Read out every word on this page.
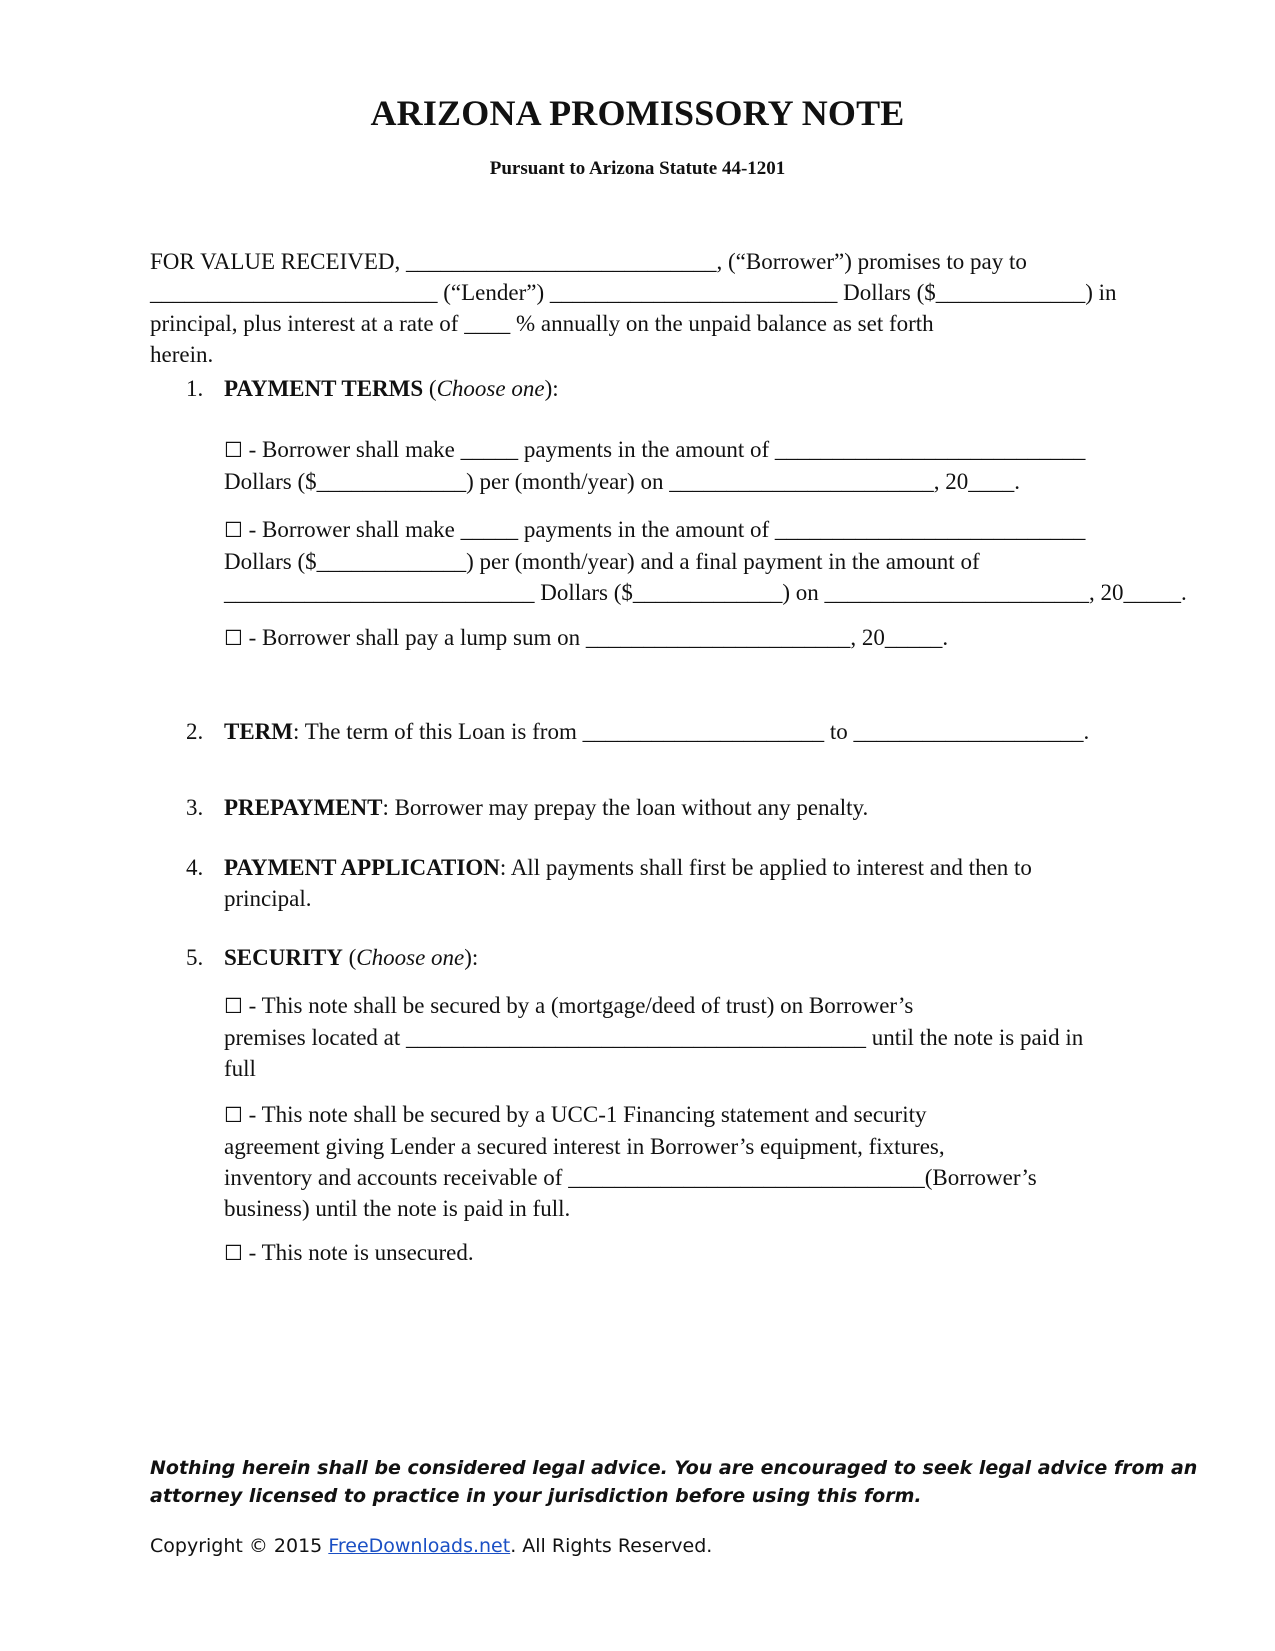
ARIZONA PROMISSORY NOTE
Pursuant to Arizona Statute 44-1201
FOR VALUE RECEIVED, ___________________________, (“Borrower”) promises to pay to
_________________________ (“Lender”) _________________________ Dollars ($_____________) in
principal, plus interest at a rate of ____ % annually on the unpaid balance as set forth
herein.
1. PAYMENT TERMS (Choose one):
☐ - Borrower shall make _____ payments in the amount of ___________________________
Dollars ($_____________) per (month/year) on _______________________, 20____.
☐ - Borrower shall make _____ payments in the amount of ___________________________
Dollars ($_____________) per (month/year) and a final payment in the amount of
___________________________ Dollars ($_____________) on _______________________, 20_____.
☐ - Borrower shall pay a lump sum on _______________________, 20_____.
2. TERM: The term of this Loan is from _____________________ to ____________________.
3. PREPAYMENT: Borrower may prepay the loan without any penalty.
4. PAYMENT APPLICATION: All payments shall first be applied to interest and then to
principal.
5. SECURITY (Choose one):
☐ - This note shall be secured by a (mortgage/deed of trust) on Borrower’s
premises located at ________________________________________ until the note is paid in
full
☐ - This note shall be secured by a UCC-1 Financing statement and security
agreement giving Lender a secured interest in Borrower’s equipment, fixtures,
inventory and accounts receivable of _______________________________(Borrower’s
business) until the note is paid in full.
☐ - This note is unsecured.
Nothing herein shall be considered legal advice. You are encouraged to seek legal advice from an
attorney licensed to practice in your jurisdiction before using this form.
Copyright © 2015 FreeDownloads.net. All Rights Reserved.
